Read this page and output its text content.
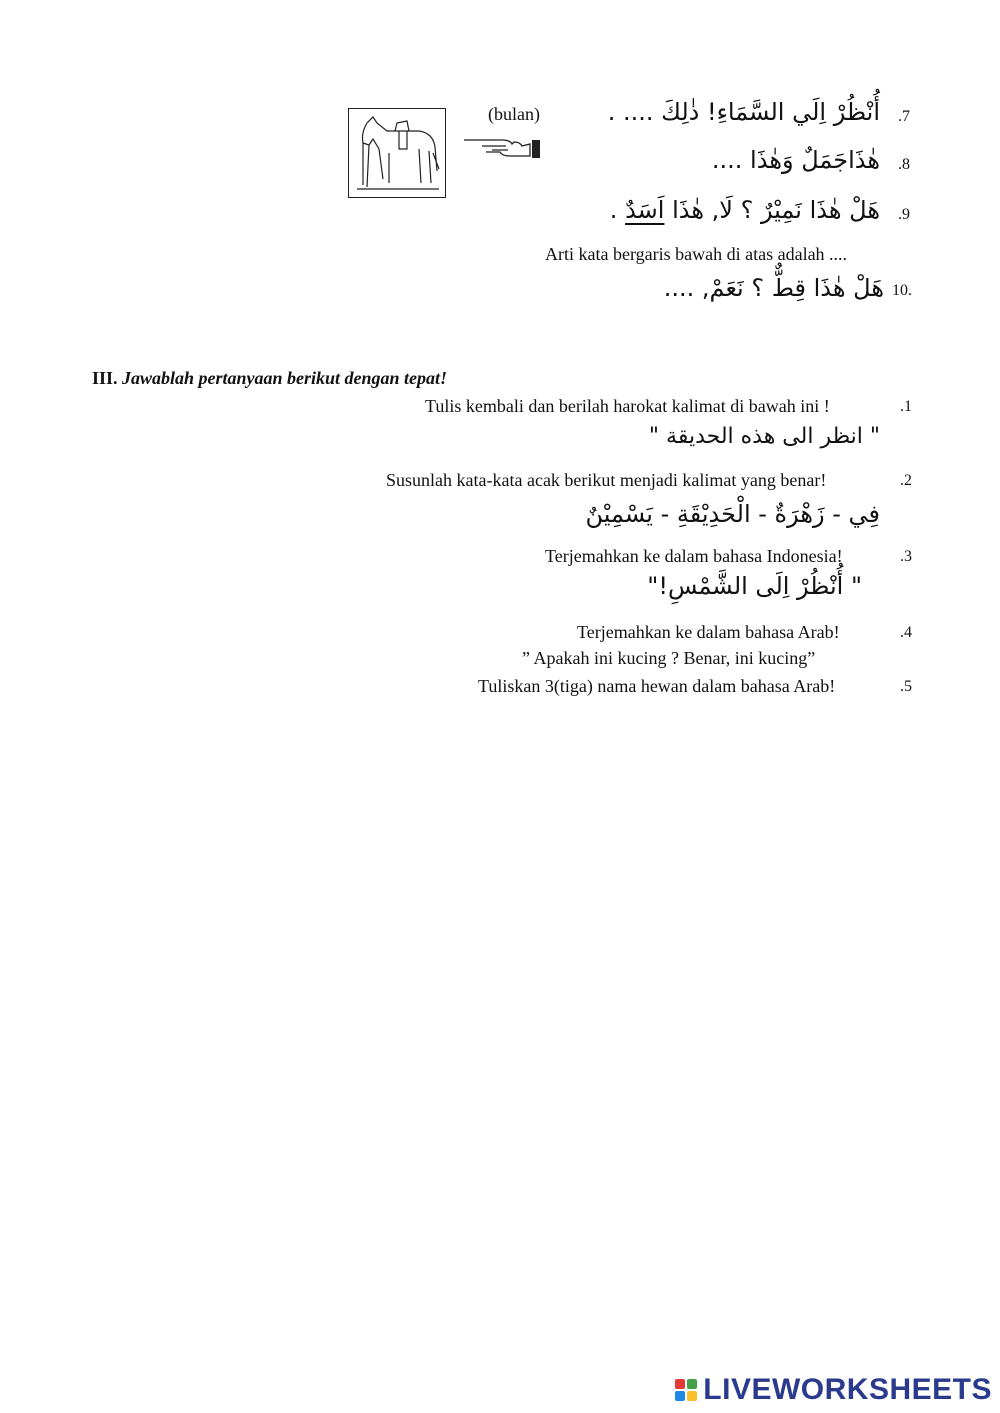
أُنْظُرْ اِلَي السَّمَاءِ! ذٰلِكَ .... . .7
(bulan)
هٰذَاجَمَلٌ وَهٰذَا .... .8
هَلْ هٰذَا نَمِيْرٌ ؟ لَا, هٰذَا اَسَدٌ .	.9
Arti kata bergaris bawah di atas adalah ....
هَلْ هٰذَا قِطٌّ ؟ نَعَمْ, .... 10.
III. Jawablah pertanyaan berikut dengan tepat!
Tulis kembali dan berilah harokat kalimat di bawah ini !	.1
" انظر الى هذه الحديقة "
Susunlah kata-kata acak berikut menjadi kalimat yang benar!	.2
فِي - زَهْرَةٌ - الْحَدِيْقَةِ - يَسْمِيْنٌ
Terjemahkan ke dalam bahasa Indonesia!	.3
" أُنْظُرْ اِلَى الشَّمْسِ!"
Terjemahkan ke dalam bahasa Arab!	.4
” Apakah ini kucing ? Benar, ini kucing”
Tuliskan 3(tiga) nama hewan dalam bahasa Arab!	.5
LIVEWORKSHEETS
